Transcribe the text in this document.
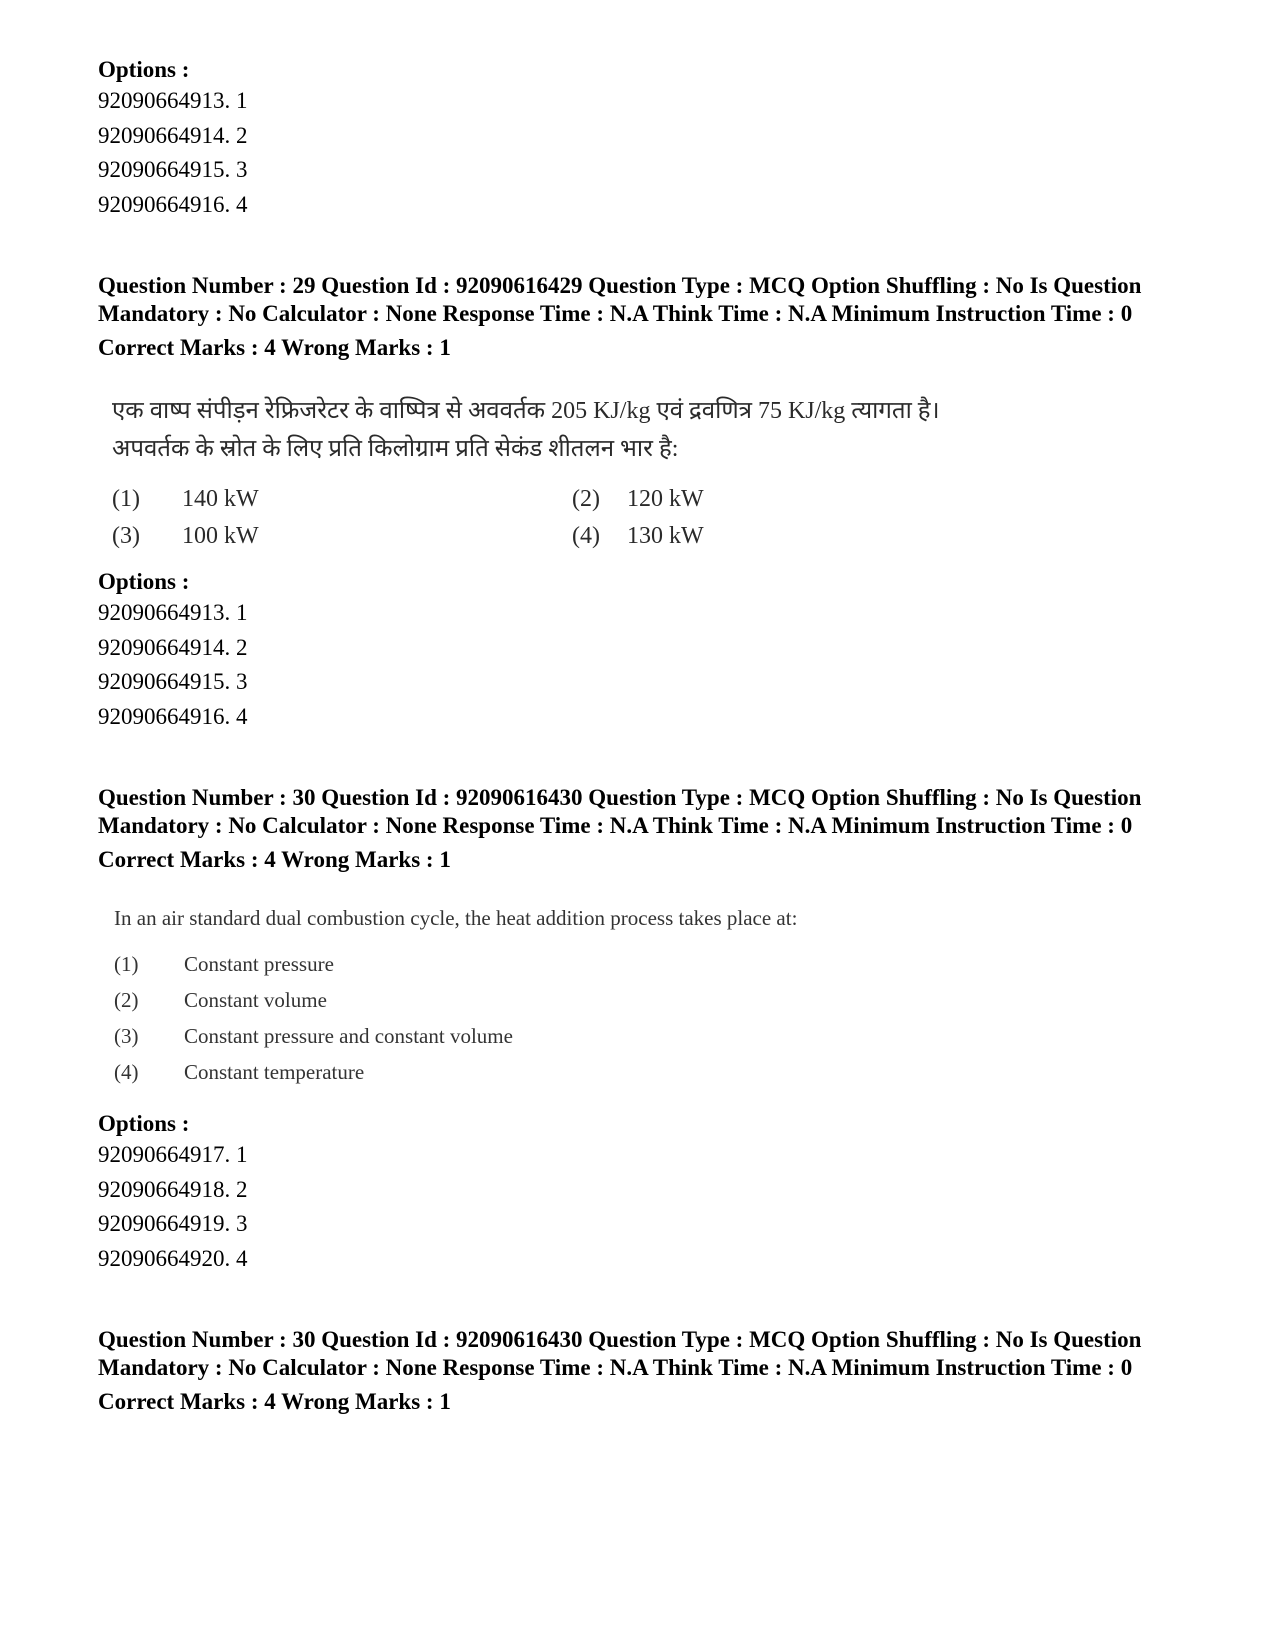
Options :
92090664913. 1
92090664914. 2
92090664915. 3
92090664916. 4
Question Number : 29 Question Id : 92090616429 Question Type : MCQ Option Shuffling : No Is Question Mandatory : No Calculator : None Response Time : N.A Think Time : N.A Minimum Instruction Time : 0
Correct Marks : 4 Wrong Marks : 1
एक वाष्प संपीड़न रेफ्रिजरेटर के वाष्पित्र से अववर्तक 205 KJ/kg एवं द्रवणित्र 75 KJ/kg त्यागता है।
अपवर्तक के स्रोत के लिए प्रति किलोग्राम प्रति सेकंड शीतलन भार है:
(1)	140 kW	(2)	120 kW
(3)	100 kW	(4)	130 kW
Options :
92090664913. 1
92090664914. 2
92090664915. 3
92090664916. 4
Question Number : 30 Question Id : 92090616430 Question Type : MCQ Option Shuffling : No Is Question Mandatory : No Calculator : None Response Time : N.A Think Time : N.A Minimum Instruction Time : 0
Correct Marks : 4 Wrong Marks : 1
In an air standard dual combustion cycle, the heat addition process takes place at:
(1)	Constant pressure
(2)	Constant volume
(3)	Constant pressure and constant volume
(4)	Constant temperature
Options :
92090664917. 1
92090664918. 2
92090664919. 3
92090664920. 4
Question Number : 30 Question Id : 92090616430 Question Type : MCQ Option Shuffling : No Is Question Mandatory : No Calculator : None Response Time : N.A Think Time : N.A Minimum Instruction Time : 0
Correct Marks : 4 Wrong Marks : 1
